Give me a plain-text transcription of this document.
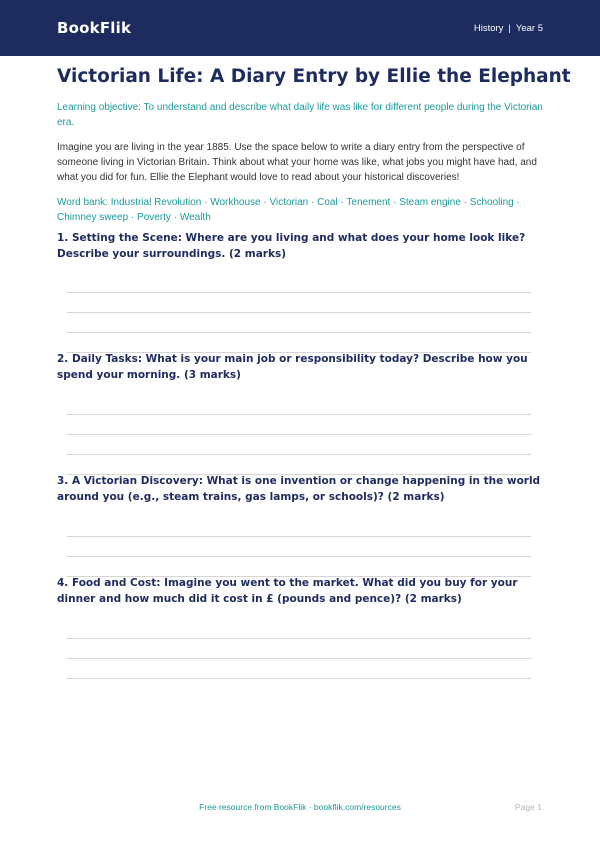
BookFlik	History | Year 5
Victorian Life: A Diary Entry by Ellie the Elephant

Learning objective: To understand and describe what daily life was like for different people during the Victorian era.

Imagine you are living in the year 1885. Use the space below to write a diary entry from the perspective of someone living in Victorian Britain. Think about what your home was like, what jobs you might have had, and what you did for fun. Ellie the Elephant would love to read about your historical discoveries!

Word bank: Industrial Revolution · Workhouse · Victorian · Coal · Tenement · Steam engine · Schooling · Chimney sweep · Poverty · Wealth

1. Setting the Scene: Where are you living and what does your home look like? Describe your surroundings. (2 marks)
2. Daily Tasks: What is your main job or responsibility today? Describe how you spend your morning. (3 marks)
3. A Victorian Discovery: What is one invention or change happening in the world around you (e.g., steam trains, gas lamps, or schools)? (2 marks)
4. Food and Cost: Imagine you went to the market. What did you buy for your dinner and how much did it cost in £ (pounds and pence)? (2 marks)
Free resource from BookFlik · bookflik.com/resources	Page 1
